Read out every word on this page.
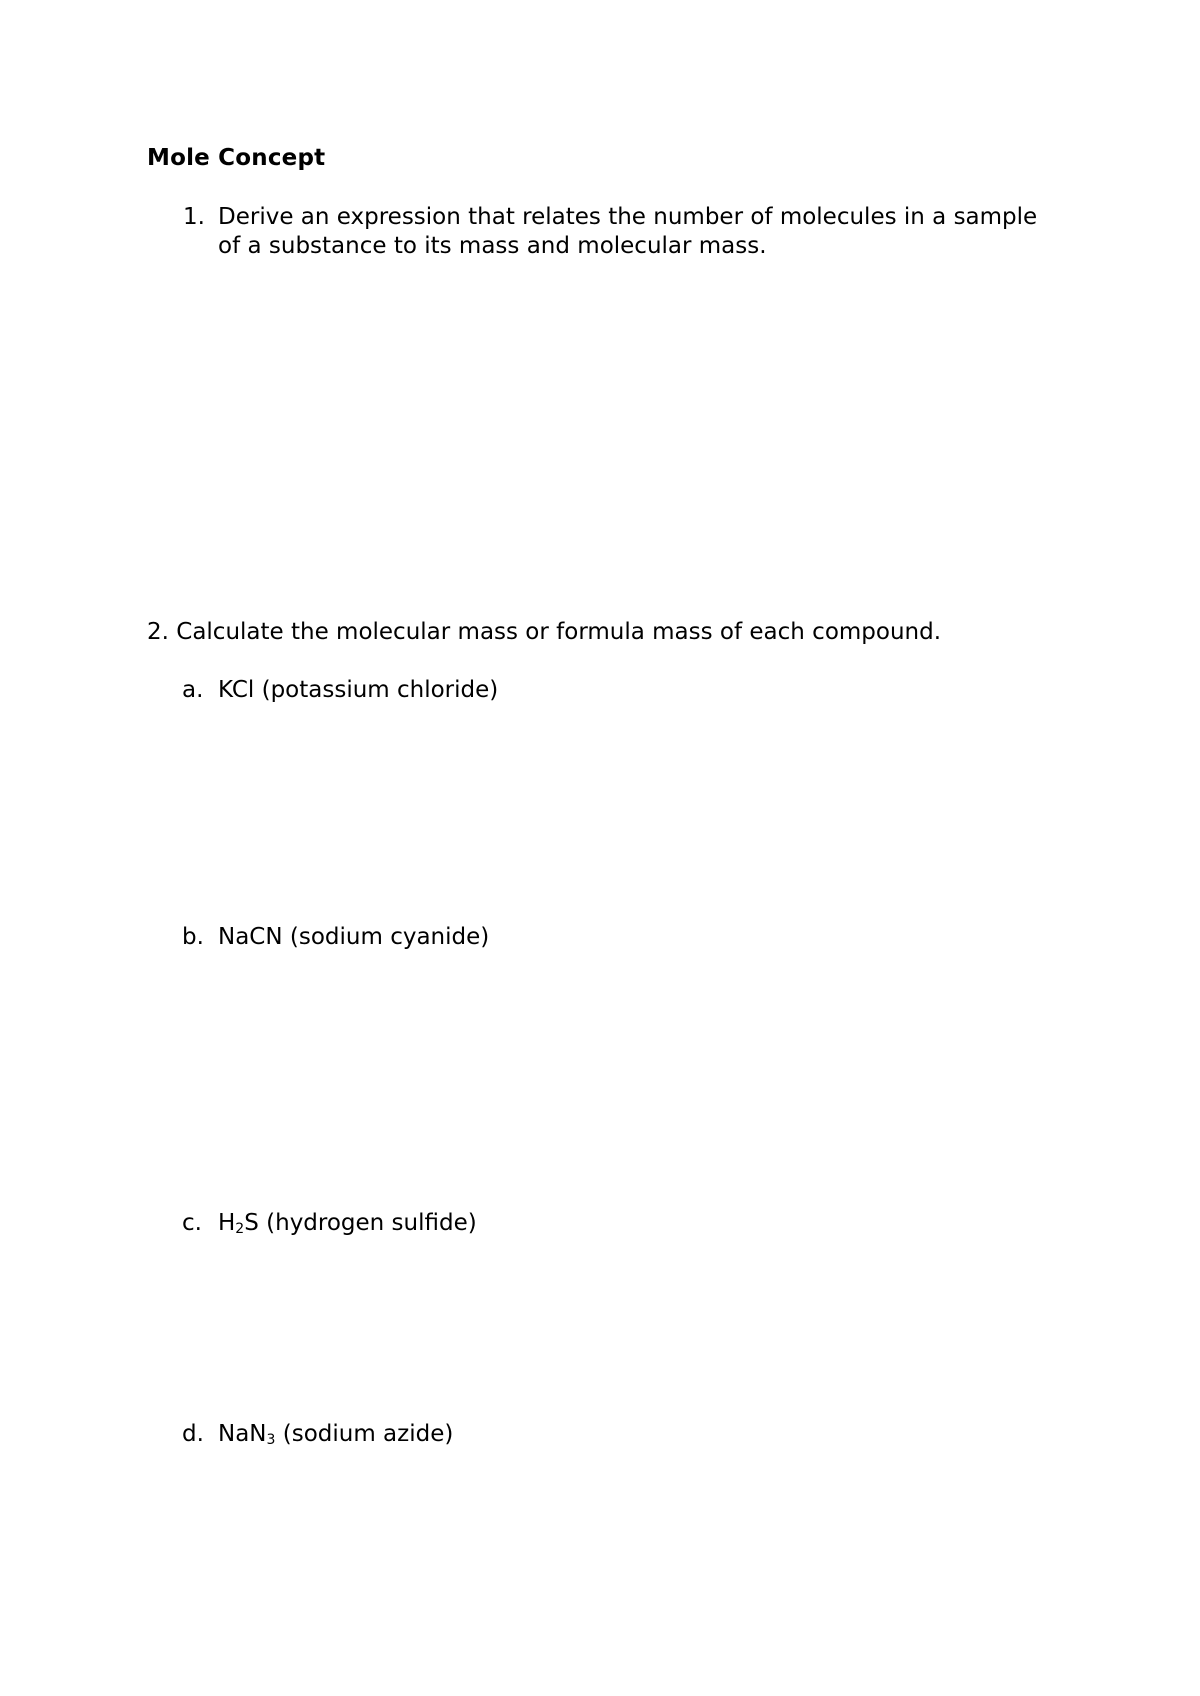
Mole Concept
1. Derive an expression that relates the number of molecules in a sample of a substance to its mass and molecular mass.
2. Calculate the molecular mass or formula mass of each compound.
a. KCl (potassium chloride)
b. NaCN (sodium cyanide)
c. $H_2S$ (hydrogen sulfide)
d. NaN$_3$ (sodium azide)
